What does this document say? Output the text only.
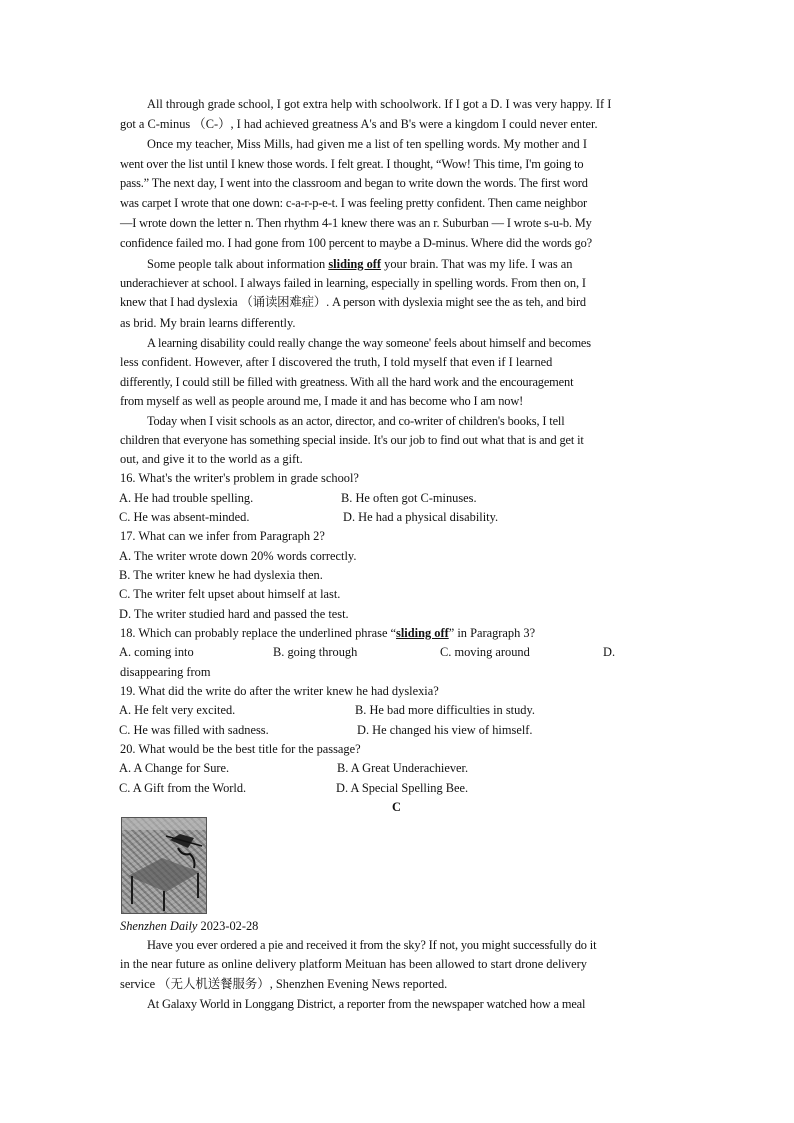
All through grade school, I got extra help with schoolwork. If I got a D. I was very happy. If I
got a C-minus （C-）, I had achieved greatness A's and B's were a kingdom I could never enter.
Once my teacher, Miss Mills, had given me a list of ten spelling words. My mother and I
went over the list until I knew those words. I felt great. I thought, “Wow! This time, I'm going to
pass.” The next day, I went into the classroom and began to write down the words. The first word
was carpet I wrote that one down: c-a-r-p-e-t. I was feeling pretty confident. Then came neighbor
—I wrote down the letter n. Then rhythm 4-1 knew there was an r. Suburban — I wrote s-u-b. My
confidence failed mo. I had gone from 100 percent to maybe a D-minus. Where did the words go?
Some people talk about information sliding off your brain. That was my life. I was an
underachiever at school. I always failed in learning, especially in spelling words. From then on, I
knew that I had dyslexia （诵读困难症）. A person with dyslexia might see the as teh, and bird
as brid. My brain learns differently.
A learning disability could really change the way someone' feels about himself and becomes
less confident. However, after I discovered the truth, I told myself that even if I learned
differently, I could still be filled with greatness. With all the hard work and the encouragement
from myself as well as people around me, I made it and has become who I am now!
Today when I visit schools as an actor, director, and co-writer of children's books, I tell
children that everyone has something special inside. It's our job to find out what that is and get it
out, and give it to the world as a gift.
16. What's the writer's problem in grade school?
A. He had trouble spelling.	B. He often got C-minuses.
C. He was absent-minded.	D. He had a physical disability.
17. What can we infer from Paragraph 2?
A. The writer wrote down 20% words correctly.
B. The writer knew he had dyslexia then.
C. The writer felt upset about himself at last.
D. The writer studied hard and passed the test.
18. Which can probably replace the underlined phrase “sliding off” in Paragraph 3?
A. coming into	B. going through	C. moving around	D.
disappearing from
19. What did the write do after the writer knew he had dyslexia?
A. He felt very excited.	B. He bad more difficulties in study.
C. He was filled with sadness.	D. He changed his view of himself.
20. What would be the best title for the passage?
A. A Change for Sure.	B. A Great Underachiever.
C. A Gift from the World.	D. A Special Spelling Bee.
C
Shenzhen Daily 2023-02-28
Have you ever ordered a pie and received it from the sky? If not, you might successfully do it
in the near future as online delivery platform Meituan has been allowed to start drone delivery
service （无人机送餐服务）, Shenzhen Evening News reported.
At Galaxy World in Longgang District, a reporter from the newspaper watched how a meal
